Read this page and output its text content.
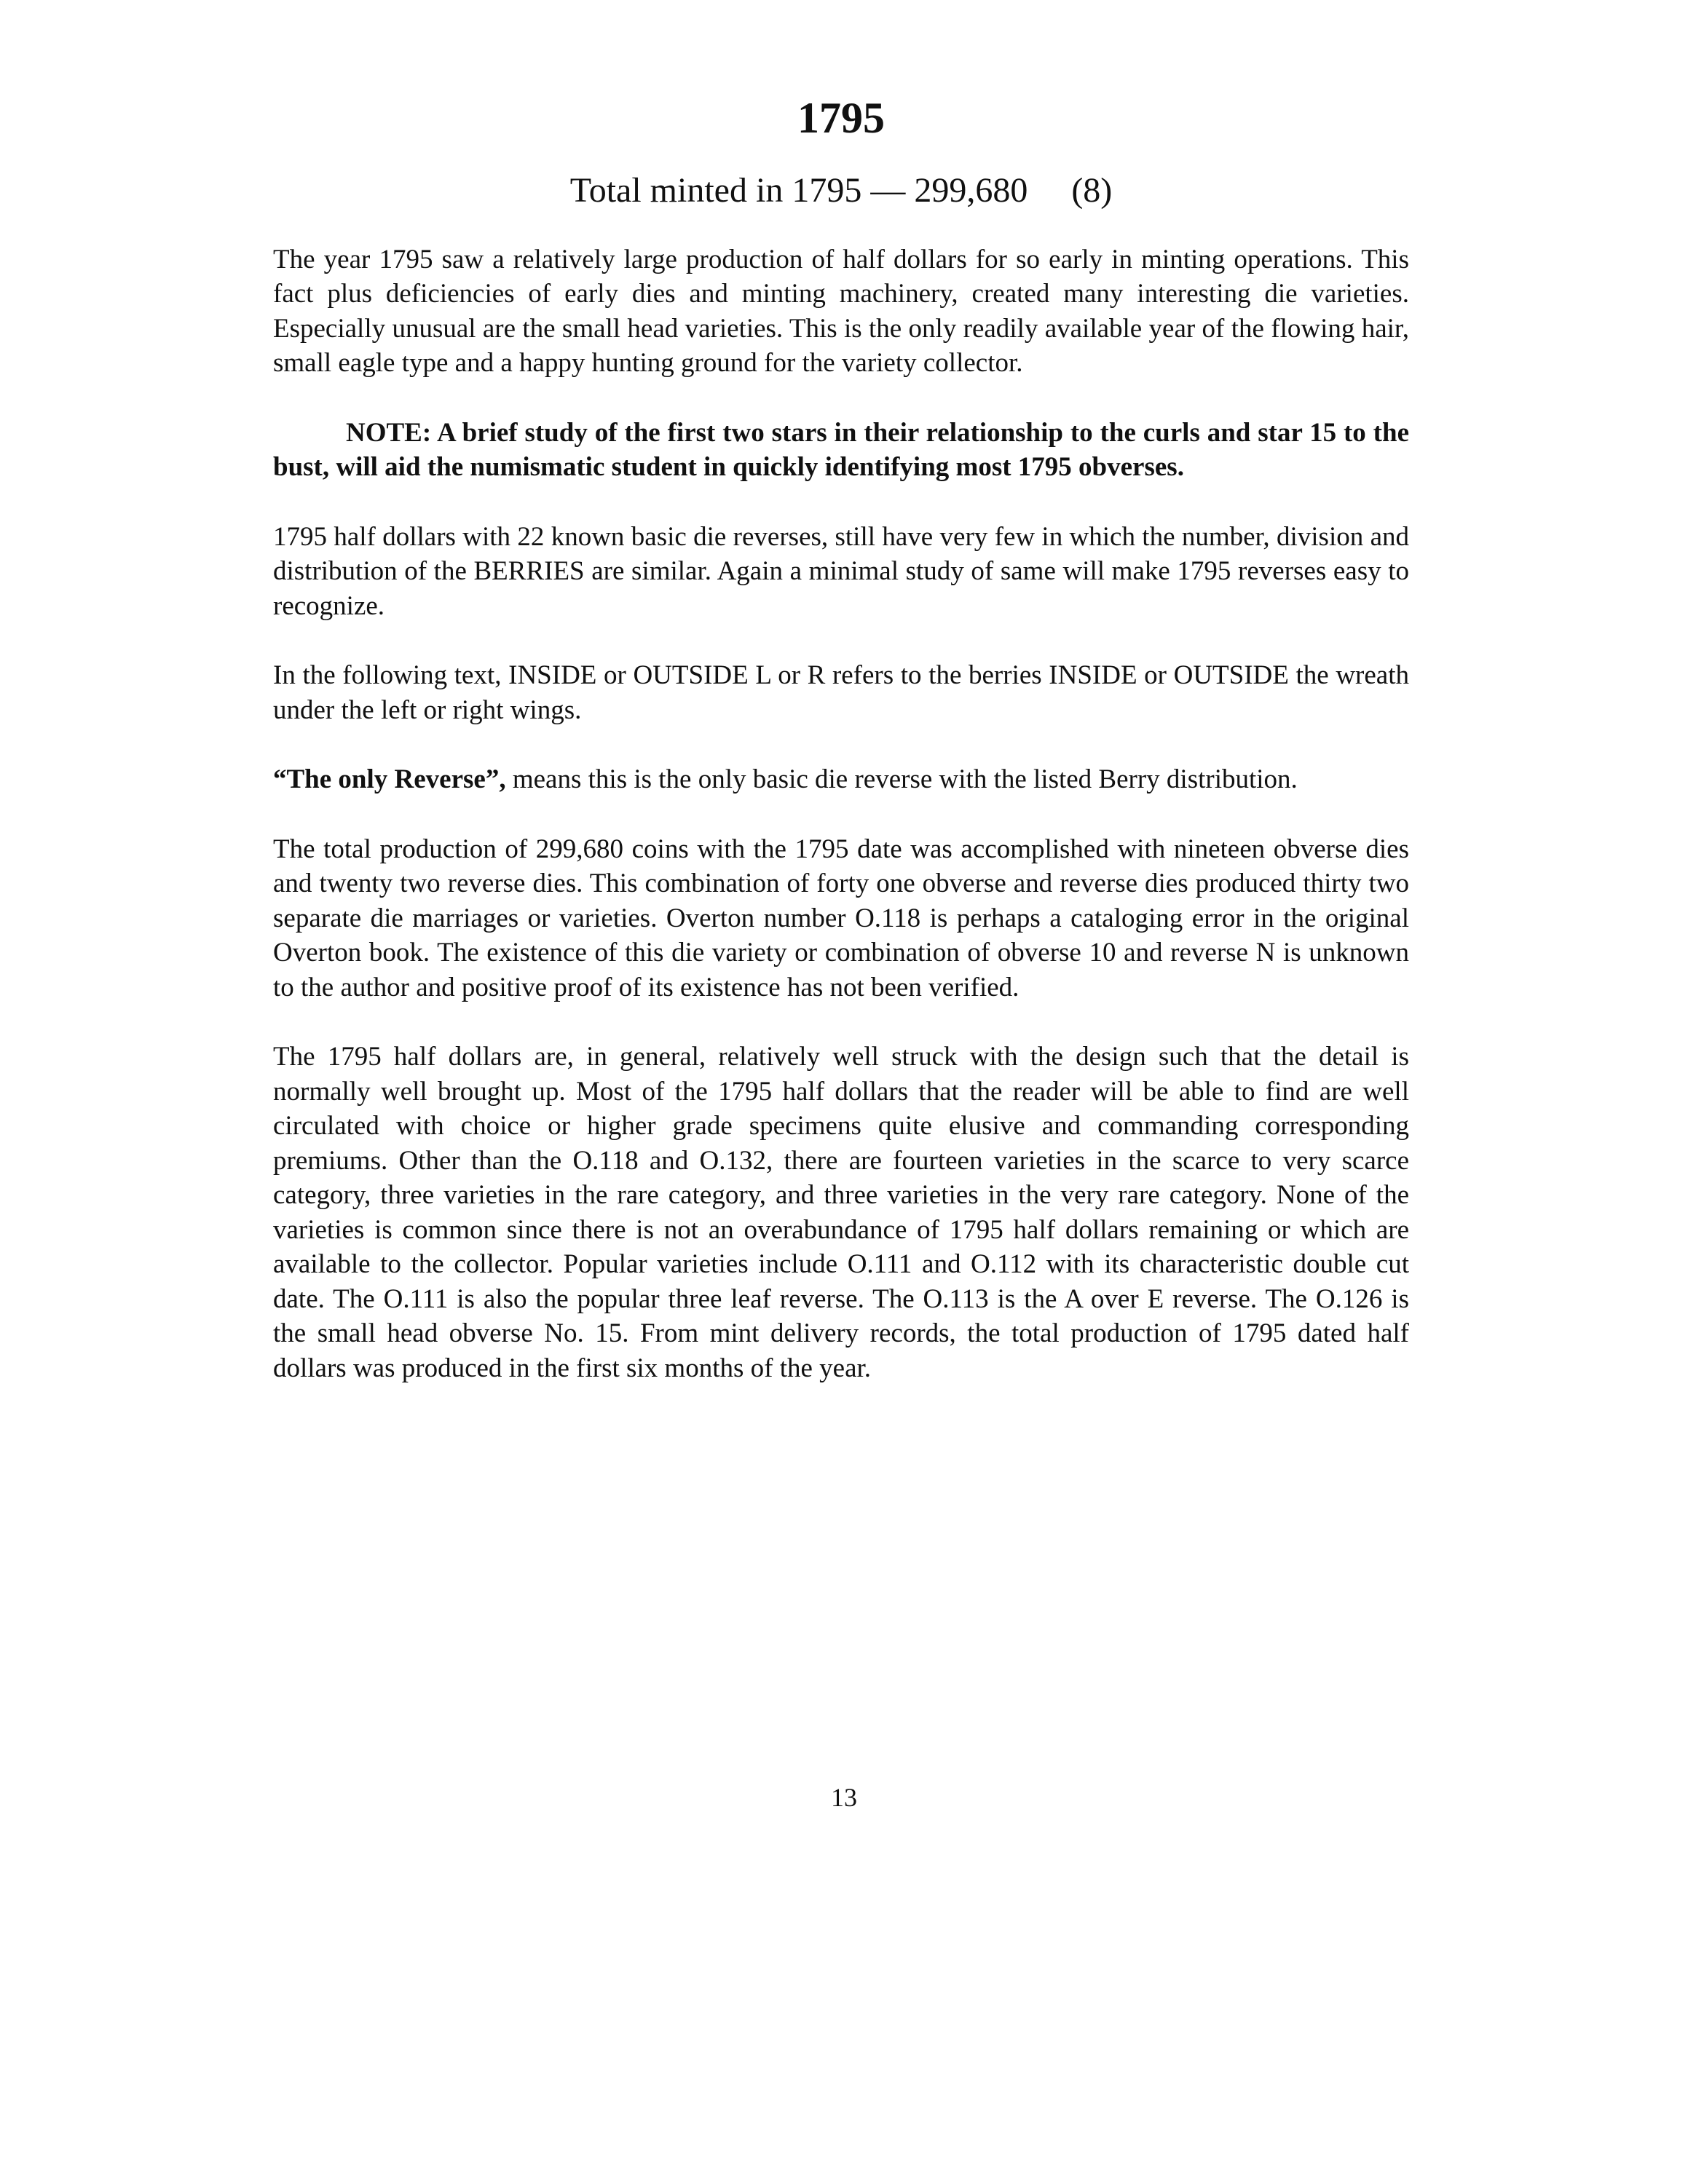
1795
Total minted in 1795 — 299,680     (8)

The year 1795 saw a relatively large production of half dollars for so early in minting operations. This fact plus deficiencies of early dies and minting machinery, created many interesting die varieties. Especially unusual are the small head varieties. This is the only readily available year of the flowing hair, small eagle type and a happy hunting ground for the variety collector.

NOTE: A brief study of the first two stars in their relationship to the curls and star 15 to the bust, will aid the numismatic student in quickly identifying most 1795 obverses.

1795 half dollars with 22 known basic die reverses, still have very few in which the number, division and distribution of the BERRIES are similar. Again a minimal study of same will make 1795 reverses easy to recognize.

In the following text, INSIDE or OUTSIDE L or R refers to the berries INSIDE or OUTSIDE the wreath under the left or right wings.

“The only Reverse”, means this is the only basic die reverse with the listed Berry distribution.

The total production of 299,680 coins with the 1795 date was accomplished with nineteen obverse dies and twenty two reverse dies. This combination of forty one obverse and reverse dies produced thirty two separate die marriages or varieties. Overton number O.118 is perhaps a cataloging error in the original Overton book. The existence of this die variety or combination of obverse 10 and reverse N is unknown to the author and positive proof of its existence has not been verified.

The 1795 half dollars are, in general, relatively well struck with the design such that the detail is normally well brought up. Most of the 1795 half dollars that the reader will be able to find are well circulated with choice or higher grade specimens quite elusive and commanding corresponding premiums. Other than the O.118 and O.132, there are fourteen varieties in the scarce to very scarce category, three varieties in the rare category, and three varieties in the very rare category. None of the varieties is common since there is not an overabundance of 1795 half dollars remaining or which are available to the collector. Popular varieties include O.111 and O.112 with its characteristic double cut date. The O.111 is also the popular three leaf reverse. The O.113 is the A over E reverse. The O.126 is the small head obverse No. 15. From mint delivery records, the total production of 1795 dated half dollars was produced in the first six months of the year.

13
